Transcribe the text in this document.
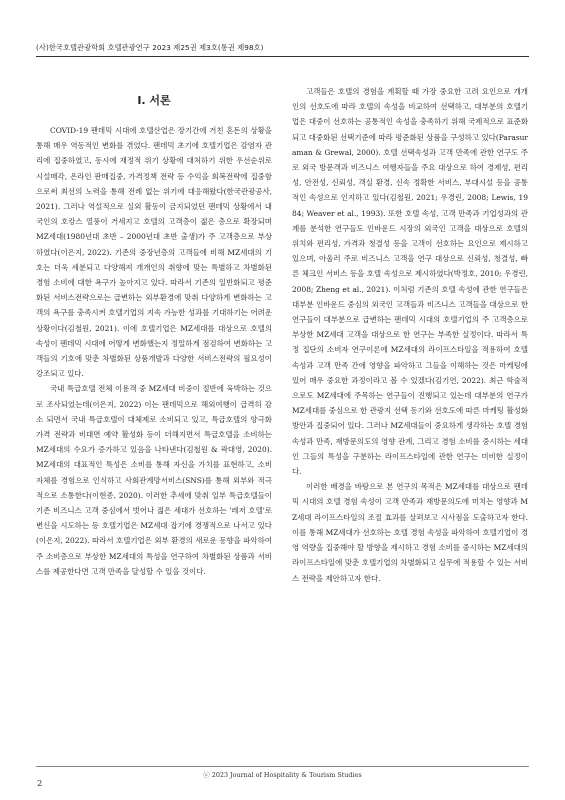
(사)한국호텔관광학회 호텔관광연구 2023 제25권 제3호(통권 제98호)
I. 서론

COVID-19 팬데믹 시대에 호텔산업은 장기간에 거친 혼돈의 상황을 통해 매우 역동적인 변화를 겪었다. 팬데믹 초기에 호텔기업은 감염자 관리에 집중하였고, 동시에 재정적 위기 상황에 대처하기 위한 우선순위로 시설매각, 온라인 판매집중, 가격정책 전략 등 수익을 회복전략에 집중함으로써 최선의 노력을 통해 전례 없는 위기에 대응해왔다(한국관광공사, 2021). 그러나 역설적으로 실외 활동이 금지되었던 팬데믹 상황에서 내국인의 호캉스 열풍이 거세지고 호텔의 고객층이 젊은 층으로 확장되며 MZ세대(1980년대 초반 – 2000년대 초반 출생)가 주 고객층으로 부상하였다(이은지, 2022). 기존의 중장년층의 고객들에 비해 MZ세대의 기호는 더욱 세분되고 다양해져 개개인의 취향에 맞는 특별하고 차별화된 경험 소비에 대한 욕구가 높아지고 있다. 따라서 기존의 일반화되고 평준화된 서비스전략으로는 급변하는 외부환경에 맞춰 다양하게 변화하는 고객의 욕구를 충족시켜 호텔기업의 지속 가능한 성과를 기대하기는 어려운 상황이다(김철원, 2021). 이에 호텔기업은 MZ세대를 대상으로 호텔의 속성이 팬데믹 시대에 어떻게 변화했는지 정밀하게 점검하여 변화하는 고객들의 기호에 맞춘 차별화된 상품개발과 다양한 서비스전략의 필요성이 강조되고 있다.

국내 특급호텔 전체 이용객 중 MZ세대 비중이 절반에 육박하는 것으로 조사되었는데(이은지, 2022) 이는 팬데믹으로 해외여행이 급격히 감소 되면서 국내 특급호텔이 대체제로 소비되고 있고, 특급호텔의 양극화 가격 전략과 비대면 예약 활성화 등이 더해지면서 특급호텔을 소비하는 MZ세대의 수요가 증가하고 있음을 나타낸다(김철원 & 곽대영, 2020). MZ세대의 대표적인 특성은 소비를 통해 자신을 가치를 표현하고, 소비 자체를 경험으로 인식하고 사회관계망서비스(SNS)를 통해 외부와 적극적으로 소통한다(이현종, 2020). 이러한 추세에 맞춰 일부 특급호텔들이 기존 비즈니스 고객 중심에서 벗어나 젊은 세대가 선호하는 '레저 호텔'로 변신을 시도하는 등 호텔기업은 MZ세대 잡기에 경쟁적으로 나서고 있다(이은지, 2022). 따라서 호텔기업은 외부 환경의 새로운 동향을 파악하여 주 소비층으로 부상한 MZ세대의 특성을 연구하여 차별화된 상품과 서비스를 제공한다면 고객 만족을 달성할 수 있을 것이다.

고객들은 호텔의 경험을 계획할 때 가장 중요한 고려 요인으로 개개인의 선호도에 따라 호텔의 속성을 비교하여 선택하고, 대부분의 호텔기업은 대중이 선호하는 공통적인 속성을 충족하기 위해 국제적으로 표준화되고 대중화된 선택기준에 따라 평준화된 상품을 구성하고 있다(Parasuraman & Grewal, 2000). 호텔 선택속성과 고객 만족에 관한 연구도 주로 외국 방문객과 비즈니스 여행자들을 주요 대상으로 하여 경제성, 편리성, 안전성, 신뢰성, 객실 환경, 신속 정확한 서비스, 부대시설 등을 공통적인 속성으로 인지하고 있다(김철원, 2021; 우경린, 2008; Lewis, 1984; Weaver et al., 1993). 또한 호텔 속성, 고객 만족과 기업성과의 관계를 분석한 연구들도 인바운드 시장의 외국인 고객을 대상으로 호텔의 위치와 편리성, 가격과 청결성 등을 고객이 선호하는 요인으로 제시하고 있으며, 아울러 주로 비즈니스 고객을 연구 대상으로 신뢰성, 청결성, 빠른 체크인 서비스 등을 호텔 속성으로 제시하였다(박정호, 2010; 우경린, 2008; Zheng et al., 2021). 이처럼 기존의 호텔 속성에 관한 연구들은 대부분 인바운드 중심의 외국인 고객들과 비즈니스 고객들을 대상으로 한 연구들이 대부분으로 급변하는 팬데믹 시대의 호텔기업의 주 고객층으로 부상한 MZ세대 고객을 대상으로 한 연구는 부족한 실정이다. 따라서 특정 집단의 소비자 연구이론에 MZ세대의 라이프스타일을 적용하여 호텔 속성과 고객 만족 간에 영향을 파악하고 그들을 이해하는 것은 마케팅에 있어 매우 중요한 과정이라고 볼 수 있겠다(김기연, 2022). 최근 학술적으로도 MZ세대에 주목하는 연구들이 진행되고 있는데 대부분의 연구가 MZ세대를 중심으로 한 관광지 선택 동기와 선호도에 따른 마케팅 활성화 방안과 집중되어 있다. 그러나 MZ세대들이 중요하게 생각하는 호텔 경험 속성과 만족, 재방문의도의 영향 관계, 그리고 경험 소비를 중시하는 세대인 그들의 특성을 구분하는 라이프스타일에 관한 연구는 미비한 실정이다.

이러한 배경을 바탕으로 본 연구의 목적은 MZ세대를 대상으로 팬데믹 시대의 호텔 경험 속성이 고객 만족과 재방문의도에 미치는 영향과 MZ세대 라이프스타일의 조절 효과를 살펴보고 시사점을 도출하고자 한다. 이를 통해 MZ세대가 선호하는 호텔 경험 속성을 파악하여 호텔기업이 경영 역량을 집중해야 할 방향을 제시하고 경험 소비를 중시하는 MZ세대의 라이프스타일에 맞춘 호텔기업의 차별화되고 실무에 적용할 수 있는 서비스 전략을 제안하고자 한다.

ⓒ 2023 Journal of Hospitality & Tourism Studies
2
